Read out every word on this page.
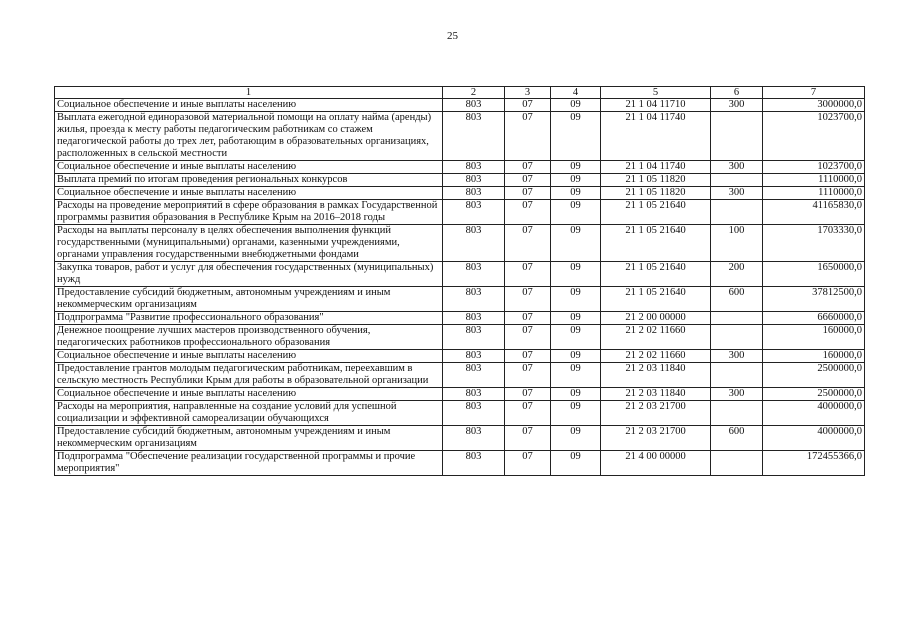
25
1	2	3	4	5	6	7
Социальное обеспечение и иные выплаты населению	803	07	09	21 1 04 11710	300	3000000,0
Выплата ежегодной единоразовой материальной помощи на оплату найма (аренды) жилья, проезда к месту работы педагогическим работникам со стажем педагогической работы до трех лет, работающим в образовательных организациях, расположенных в сельской местности	803	07	09	21 1 04 11740		1023700,0
Социальное обеспечение и иные выплаты населению	803	07	09	21 1 04 11740	300	1023700,0
Выплата премий по итогам проведения региональных конкурсов	803	07	09	21 1 05 11820		1110000,0
Социальное обеспечение и иные выплаты населению	803	07	09	21 1 05 11820	300	1110000,0
Расходы на проведение мероприятий в сфере образования в рамках Государственной программы развития образования в Республике Крым на 2016–2018 годы	803	07	09	21 1 05 21640		41165830,0
Расходы на выплаты персоналу в целях обеспечения выполнения функций государственными (муниципальными) органами, казенными учреждениями, органами управления государственными внебюджетными фондами	803	07	09	21 1 05 21640	100	1703330,0
Закупка товаров, работ и услуг для обеспечения государственных (муниципальных) нужд	803	07	09	21 1 05 21640	200	1650000,0
Предоставление субсидий бюджетным, автономным учреждениям и иным некоммерческим организациям	803	07	09	21 1 05 21640	600	37812500,0
Подпрограмма "Развитие профессионального образования"	803	07	09	21 2 00 00000		6660000,0
Денежное поощрение лучших мастеров производственного обучения, педагогических работников профессионального образования	803	07	09	21 2 02 11660		160000,0
Социальное обеспечение и иные выплаты населению	803	07	09	21 2 02 11660	300	160000,0
Предоставление грантов молодым педагогическим работникам, переехавшим в сельскую местность Республики Крым для работы в образовательной организации	803	07	09	21 2 03 11840		2500000,0
Социальное обеспечение и иные выплаты населению	803	07	09	21 2 03 11840	300	2500000,0
Расходы на мероприятия, направленные на создание условий для успешной социализации и эффективной самореализации обучающихся	803	07	09	21 2 03 21700		4000000,0
Предоставление субсидий бюджетным, автономным учреждениям и иным некоммерческим организациям	803	07	09	21 2 03 21700	600	4000000,0
Подпрограмма "Обеспечение реализации государственной программы и прочие мероприятия"	803	07	09	21 4 00 00000		172455366,0
